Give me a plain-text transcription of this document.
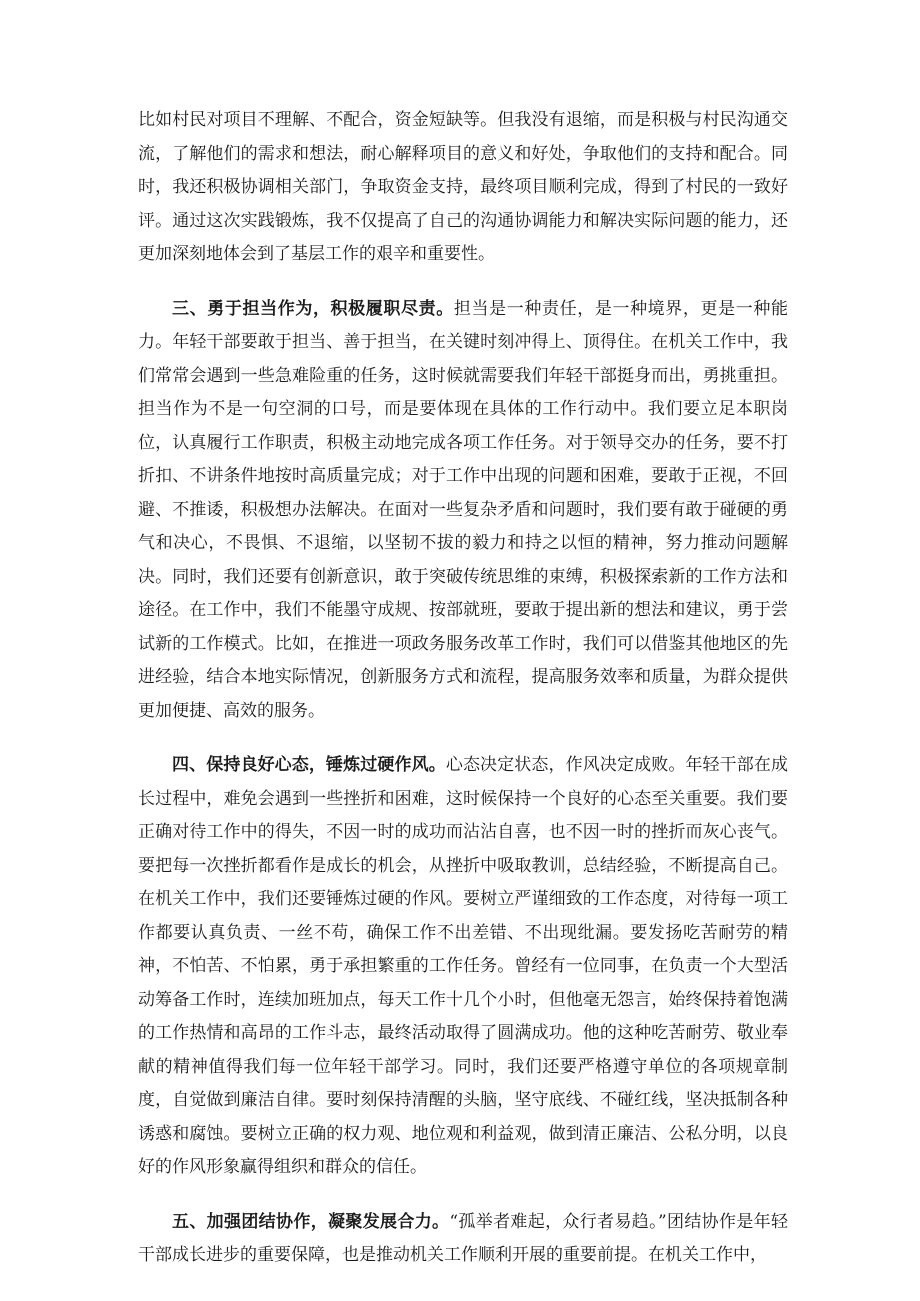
比如村民对项目不理解、不配合，资金短缺等。但我没有退缩，而是积极与村民沟通交流，了解他们的需求和想法，耐心解释项目的意义和好处，争取他们的支持和配合。同时，我还积极协调相关部门，争取资金支持，最终项目顺利完成，得到了村民的一致好评。通过这次实践锻炼，我不仅提高了自己的沟通协调能力和解决实际问题的能力，还更加深刻地体会到了基层工作的艰辛和重要性。

三、勇于担当作为，积极履职尽责。担当是一种责任，是一种境界，更是一种能力。年轻干部要敢于担当、善于担当，在关键时刻冲得上、顶得住。在机关工作中，我们常常会遇到一些急难险重的任务，这时候就需要我们年轻干部挺身而出，勇挑重担。担当作为不是一句空洞的口号，而是要体现在具体的工作行动中。我们要立足本职岗位，认真履行工作职责，积极主动地完成各项工作任务。对于领导交办的任务，要不打折扣、不讲条件地按时高质量完成；对于工作中出现的问题和困难，要敢于正视，不回避、不推诿，积极想办法解决。在面对一些复杂矛盾和问题时，我们要有敢于碰硬的勇气和决心，不畏惧、不退缩，以坚韧不拔的毅力和持之以恒的精神，努力推动问题解决。同时，我们还要有创新意识，敢于突破传统思维的束缚，积极探索新的工作方法和途径。在工作中，我们不能墨守成规、按部就班，要敢于提出新的想法和建议，勇于尝试新的工作模式。比如，在推进一项政务服务改革工作时，我们可以借鉴其他地区的先进经验，结合本地实际情况，创新服务方式和流程，提高服务效率和质量，为群众提供更加便捷、高效的服务。

四、保持良好心态，锤炼过硬作风。心态决定状态，作风决定成败。年轻干部在成长过程中，难免会遇到一些挫折和困难，这时候保持一个良好的心态至关重要。我们要正确对待工作中的得失，不因一时的成功而沾沾自喜，也不因一时的挫折而灰心丧气。要把每一次挫折都看作是成长的机会，从挫折中吸取教训，总结经验，不断提高自己。在机关工作中，我们还要锤炼过硬的作风。要树立严谨细致的工作态度，对待每一项工作都要认真负责、一丝不苟，确保工作不出差错、不出现纰漏。要发扬吃苦耐劳的精神，不怕苦、不怕累，勇于承担繁重的工作任务。曾经有一位同事，在负责一个大型活动筹备工作时，连续加班加点，每天工作十几个小时，但他毫无怨言，始终保持着饱满的工作热情和高昂的工作斗志，最终活动取得了圆满成功。他的这种吃苦耐劳、敬业奉献的精神值得我们每一位年轻干部学习。同时，我们还要严格遵守单位的各项规章制度，自觉做到廉洁自律。要时刻保持清醒的头脑，坚守底线、不碰红线，坚决抵制各种诱惑和腐蚀。要树立正确的权力观、地位观和利益观，做到清正廉洁、公私分明，以良好的作风形象赢得组织和群众的信任。

五、加强团结协作，凝聚发展合力。“孤举者难起，众行者易趋。”团结协作是年轻干部成长进步的重要保障，也是推动机关工作顺利开展的重要前提。在机关工作中，
